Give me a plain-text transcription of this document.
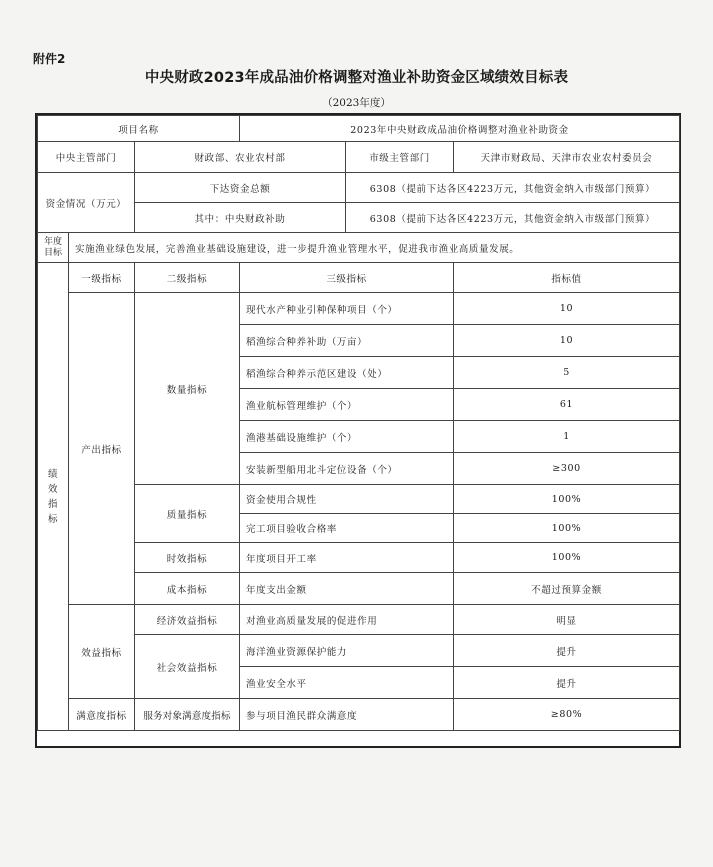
附件2
中央财政2023年成品油价格调整对渔业补助资金区域绩效目标表
（2023年度）
项目名称			2023年中央财政成品油价格调整对渔业补助资金		
中央主管部门		财政部、农业农村部		市级主管部门	天津市财政局、天津市农业农村委员会
资金情况（万元）		下达资金总额		6308（提前下达各区4223万元，其他资金纳入市级部门预算）	
		其中：中央财政补助		6308（提前下达各区4223万元，其他资金纳入市级部门预算）	
年度
目标	实施渔业绿色发展，完善渔业基础设施建设，进一步提升渔业管理水平，促进我市渔业高质量发展。				

绩
效
指
标	一级指标	二级指标	三级指标		指标值
	产出指标	数量指标	现代水产种业引种保种项目（个）		10
			稻渔综合种养补助（万亩）		10
			稻渔综合种养示范区建设（处）		5
			渔业航标管理维护（个）		61
			渔港基础设施维护（个）		1
			安装新型船用北斗定位设备（个）		≥300
		质量指标	资金使用合规性		100%
			完工项目验收合格率		100%
		时效指标	年度项目开工率		100%
		成本指标	年度支出金额		不超过预算金额
	效益指标	经济效益指标	对渔业高质量发展的促进作用		明显
		社会效益指标	海洋渔业资源保护能力		提升
			渔业安全水平		提升
	满意度指标	服务对象满意度指标	参与项目渔民群众满意度		≥80%
